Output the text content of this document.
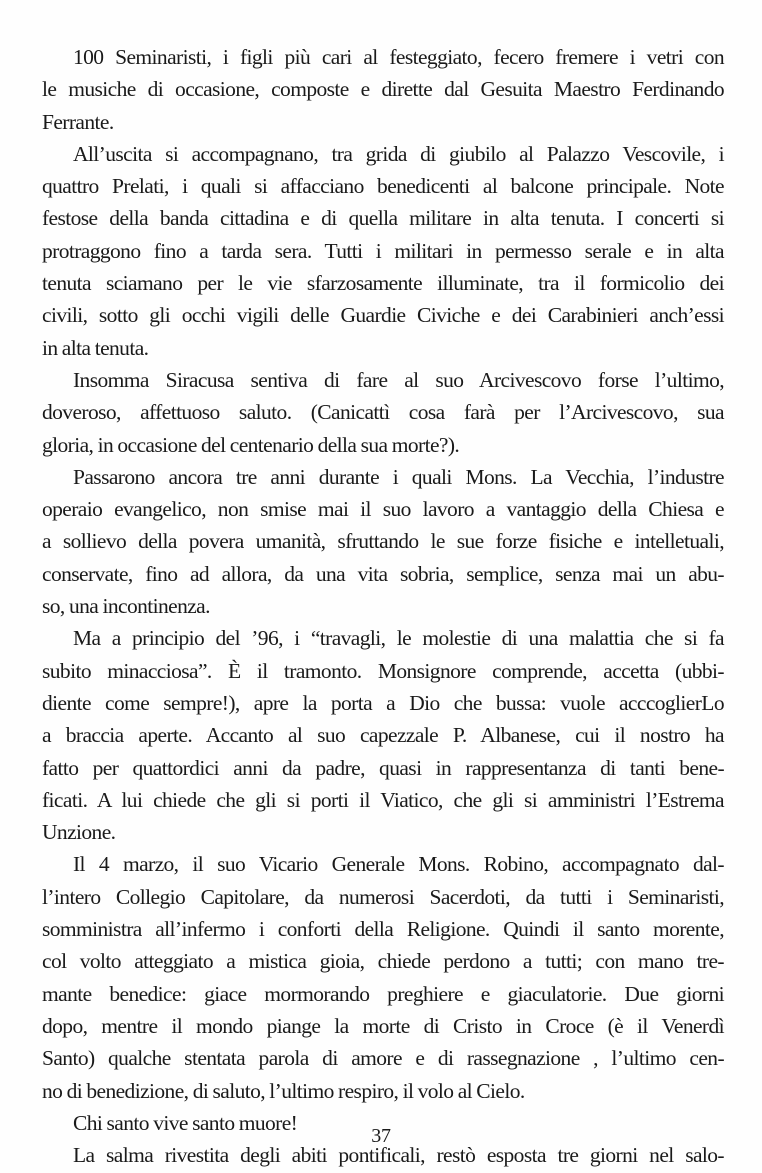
100 Seminaristi, i figli più cari al festeggiato, fecero fremere i vetri con
le musiche di occasione, composte e dirette dal Gesuita Maestro Ferdinando
Ferrante.
All’uscita si accompagnano, tra grida di giubilo al Palazzo Vescovile, i
quattro Prelati, i quali si affacciano benedicenti al balcone principale. Note
festose della banda cittadina e di quella militare in alta tenuta. I concerti si
protraggono fino a tarda sera. Tutti i militari in permesso serale e in alta
tenuta sciamano per le vie sfarzosamente illuminate, tra il formicolio dei
civili, sotto gli occhi vigili delle Guardie Civiche e dei Carabinieri anch’essi
in alta tenuta.
Insomma Siracusa sentiva di fare al suo Arcivescovo forse l’ultimo,
doveroso, affettuoso saluto. (Canicattì cosa farà per l’Arcivescovo, sua
gloria, in occasione del centenario della sua morte?).
Passarono ancora tre anni durante i quali Mons. La Vecchia, l’industre
operaio evangelico, non smise mai il suo lavoro a vantaggio della Chiesa e
a sollievo della povera umanità, sfruttando le sue forze fisiche e intelletuali,
conservate, fino ad allora, da una vita sobria, semplice, senza mai un abu-
so, una incontinenza.
Ma a principio del ’96, i “travagli, le molestie di una malattia che si fa
subito minacciosa”. È il tramonto. Monsignore comprende, accetta (ubbi-
diente come sempre!), apre la porta a Dio che bussa: vuole acccoglierLo
a braccia aperte. Accanto al suo capezzale P. Albanese, cui il nostro ha
fatto per quattordici anni da padre, quasi in rappresentanza di tanti bene-
ficati. A lui chiede che gli si porti il Viatico, che gli si amministri l’Estrema
Unzione.
Il 4 marzo, il suo Vicario Generale Mons. Robino, accompagnato dal-
l’intero Collegio Capitolare, da numerosi Sacerdoti, da tutti i Seminaristi,
somministra all’infermo i conforti della Religione. Quindi il santo morente,
col volto atteggiato a mistica gioia, chiede perdono a tutti; con mano tre-
mante benedice: giace mormorando preghiere e giaculatorie. Due giorni
dopo, mentre il mondo piange la morte di Cristo in Croce (è il Venerdì
Santo) qualche stentata parola di amore e di rassegnazione , l’ultimo cen-
no di benedizione, di saluto, l’ultimo respiro, il volo al Cielo.
Chi santo vive santo muore!
La salma rivestita degli abiti pontificali, restò esposta tre giorni nel salo-
37
